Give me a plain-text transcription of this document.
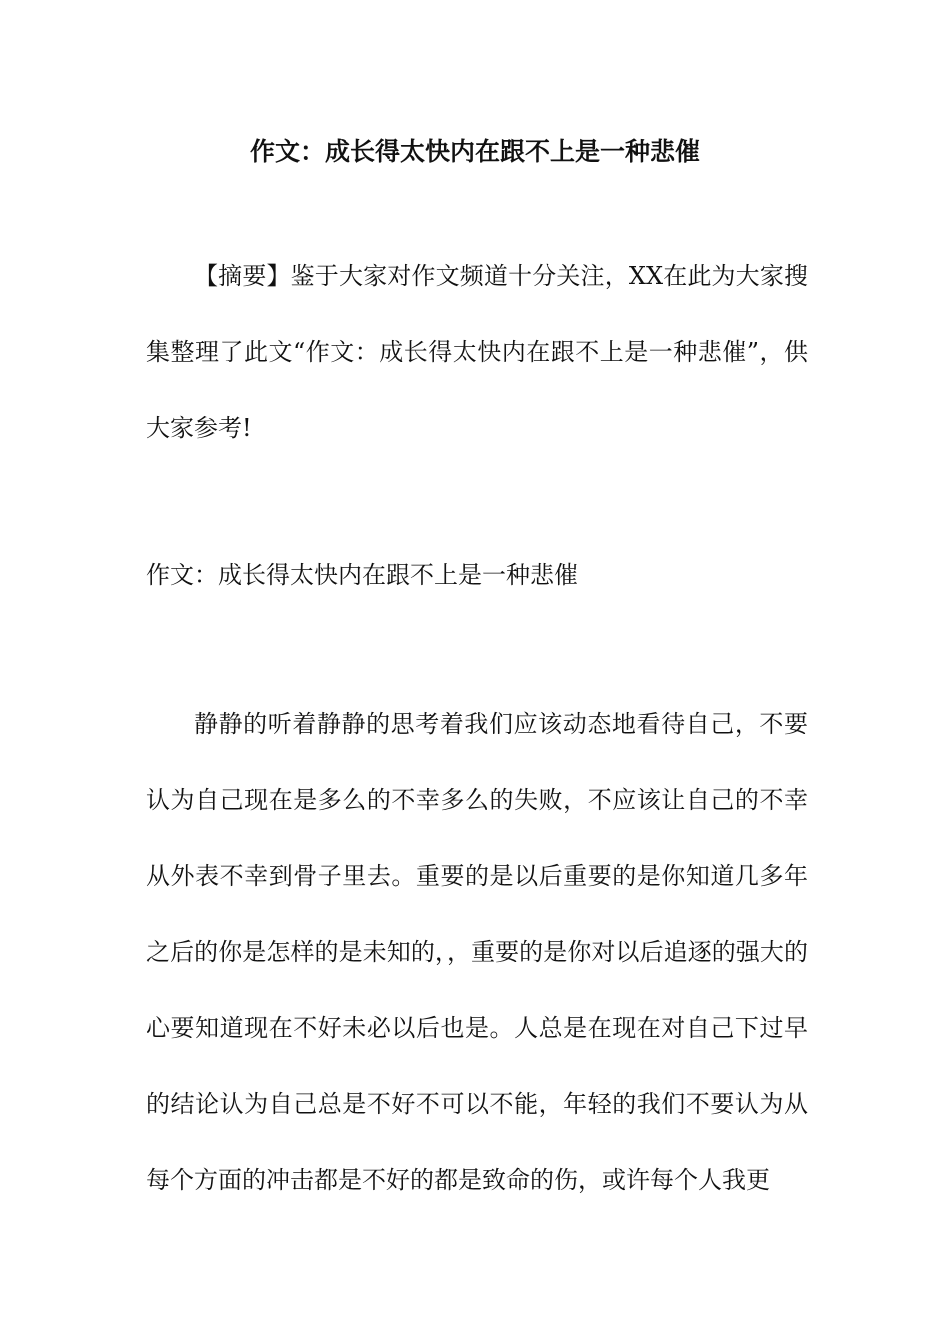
作文：成长得太快内在跟不上是一种悲催

【摘要】鉴于大家对作文频道十分关注，XX在此为大家搜集整理了此文“作文：成长得太快内在跟不上是一种悲催”，供大家参考!

作文：成长得太快内在跟不上是一种悲催

静静的听着静静的思考着我们应该动态地看待自己，不要认为自己现在是多么的不幸多么的失败，不应该让自己的不幸从外表不幸到骨子里去。重要的是以后重要的是你知道几多年之后的你是怎样的是未知的，，重要的是你对以后追逐的强大的心要知道现在不好未必以后也是。人总是在现在对自己下过早的结论认为自己总是不好不可以不能，年轻的我们不要认为从每个方面的冲击都是不好的都是致命的伤，或许每个人我更
